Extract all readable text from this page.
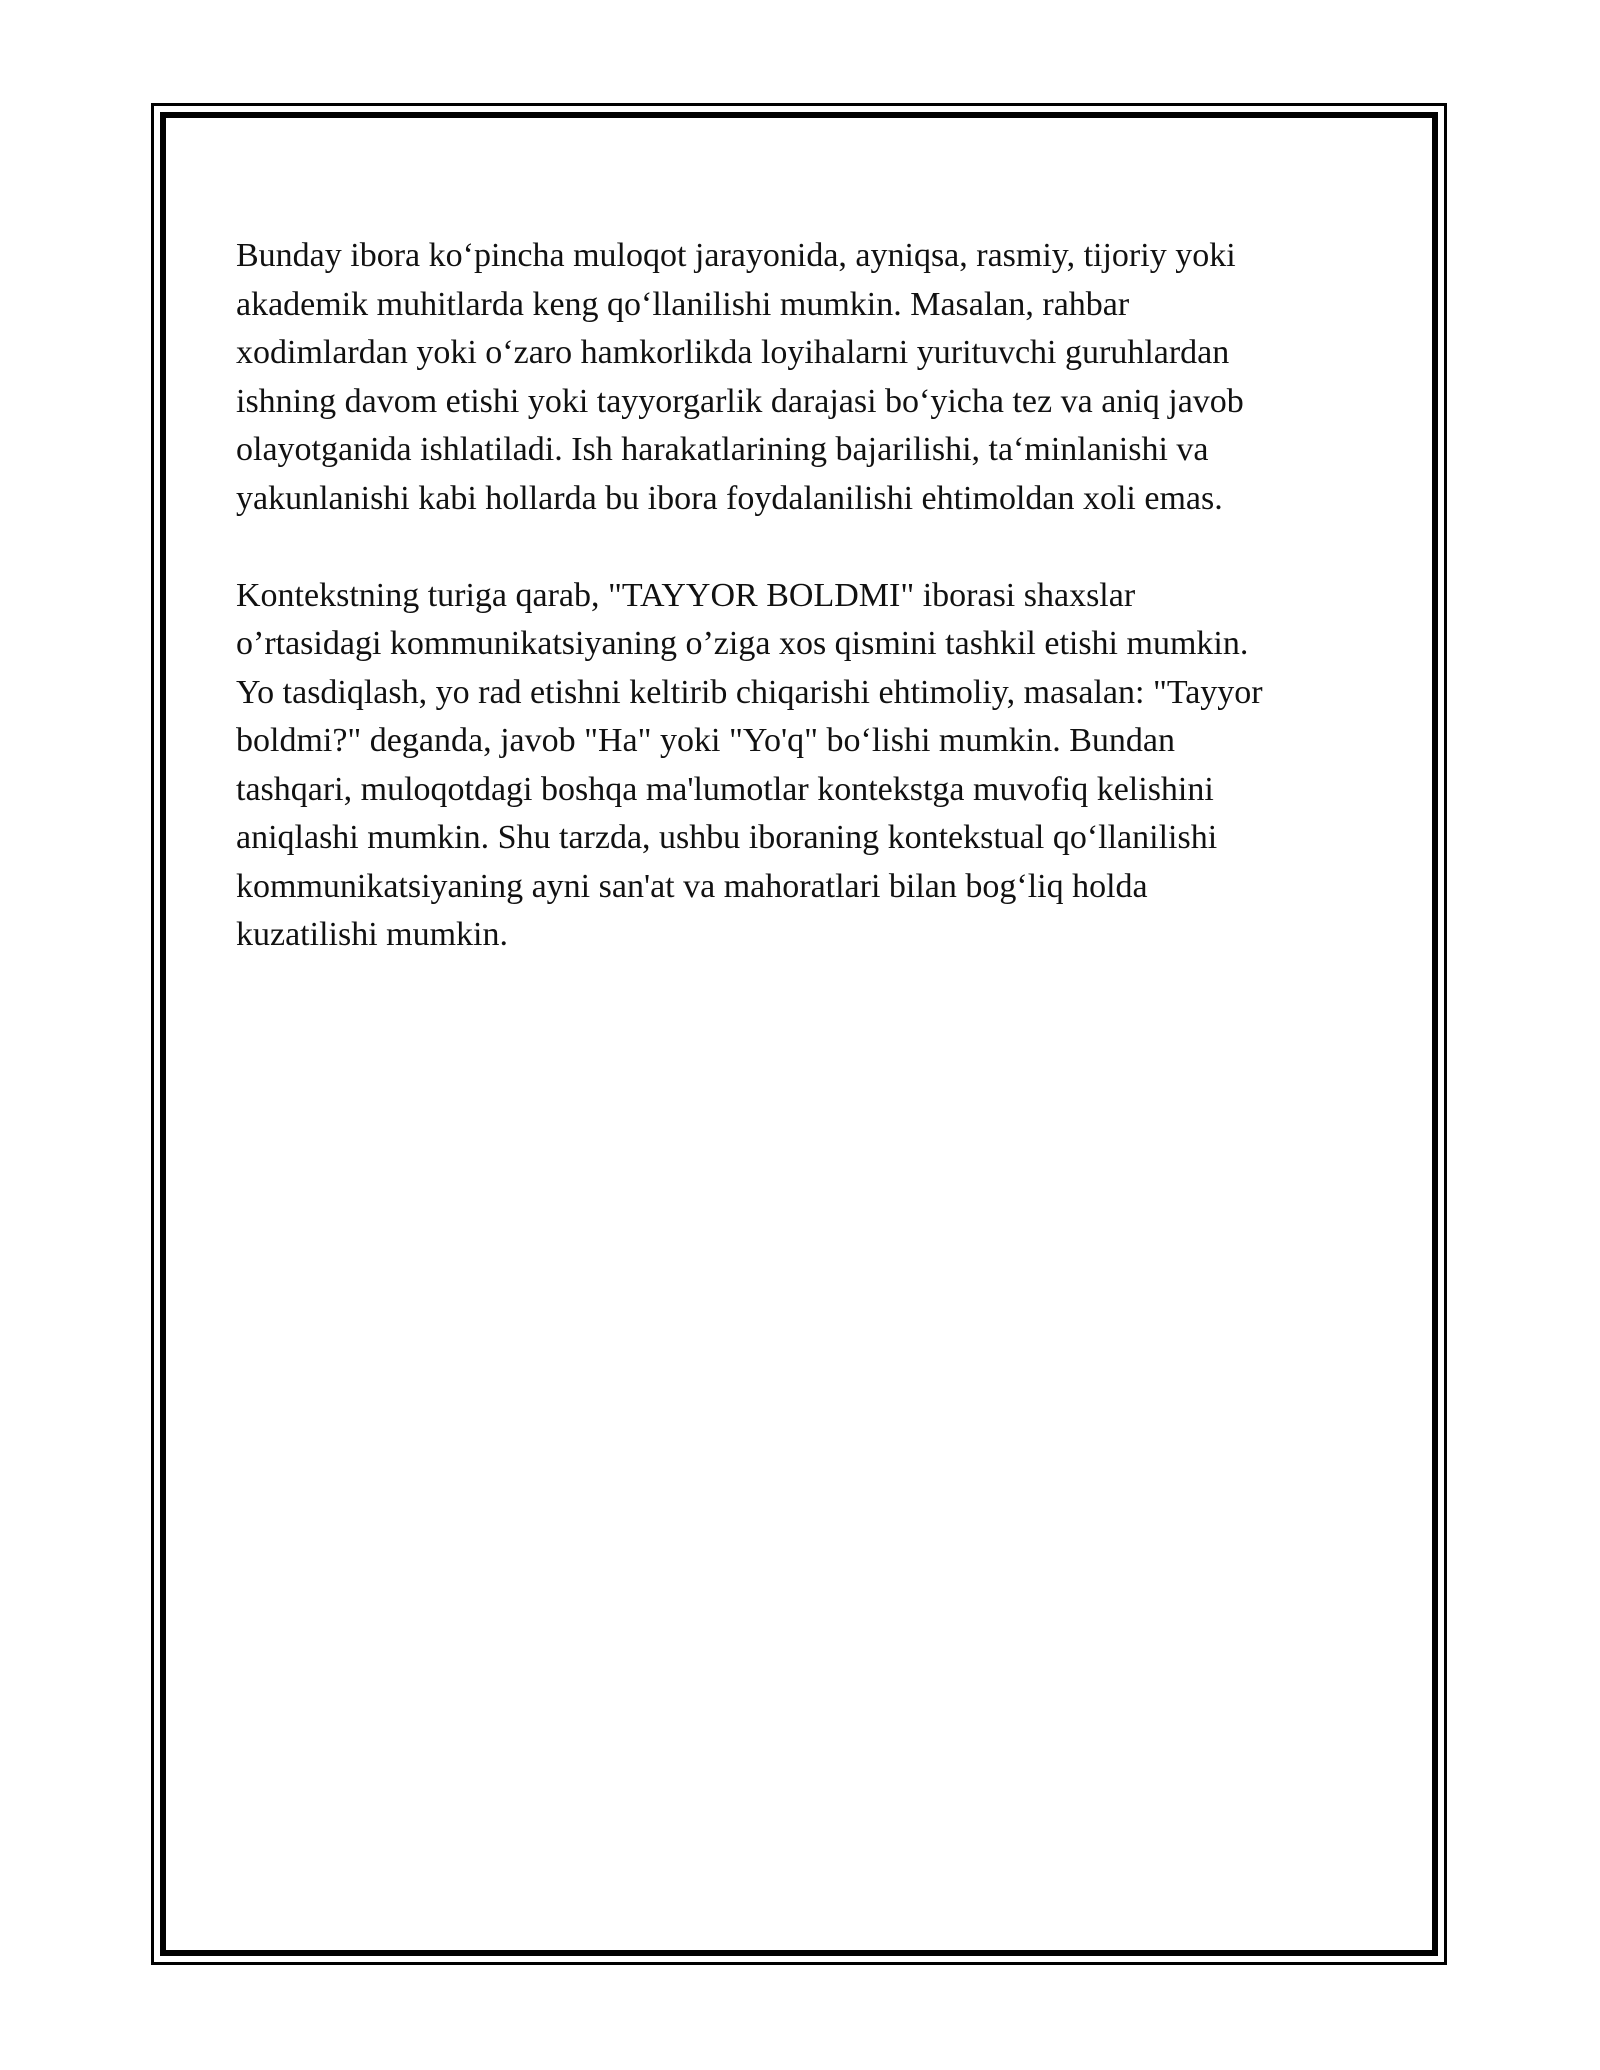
Bunday ibora koʻpincha muloqot jarayonida, ayniqsa, rasmiy, tijoriy yoki
akademik muhitlarda keng qoʻllanilishi mumkin. Masalan, rahbar
xodimlardan yoki oʻzaro hamkorlikda loyihalarni yurituvchi guruhlardan
ishning davom etishi yoki tayyorgarlik darajasi boʻyicha tez va aniq javob
olayotganida ishlatiladi. Ish harakatlarining bajarilishi, taʻminlanishi va
yakunlanishi kabi hollarda bu ibora foydalanilishi ehtimoldan xoli emas.

Kontekstning turiga qarab, "TAYYOR BOLDMI" iborasi shaxslar
o’rtasidagi kommunikatsiyaning o’ziga xos qismini tashkil etishi mumkin.
Yo tasdiqlash, yo rad etishni keltirib chiqarishi ehtimoliy, masalan: "Tayyor
boldmi?" deganda, javob "Ha" yoki "Yo'q" boʻlishi mumkin. Bundan
tashqari, muloqotdagi boshqa ma'lumotlar kontekstga muvofiq kelishini
aniqlashi mumkin. Shu tarzda, ushbu iboraning kontekstual qoʻllanilishi
kommunikatsiyaning ayni san'at va mahoratlari bilan bogʻliq holda
kuzatilishi mumkin.
